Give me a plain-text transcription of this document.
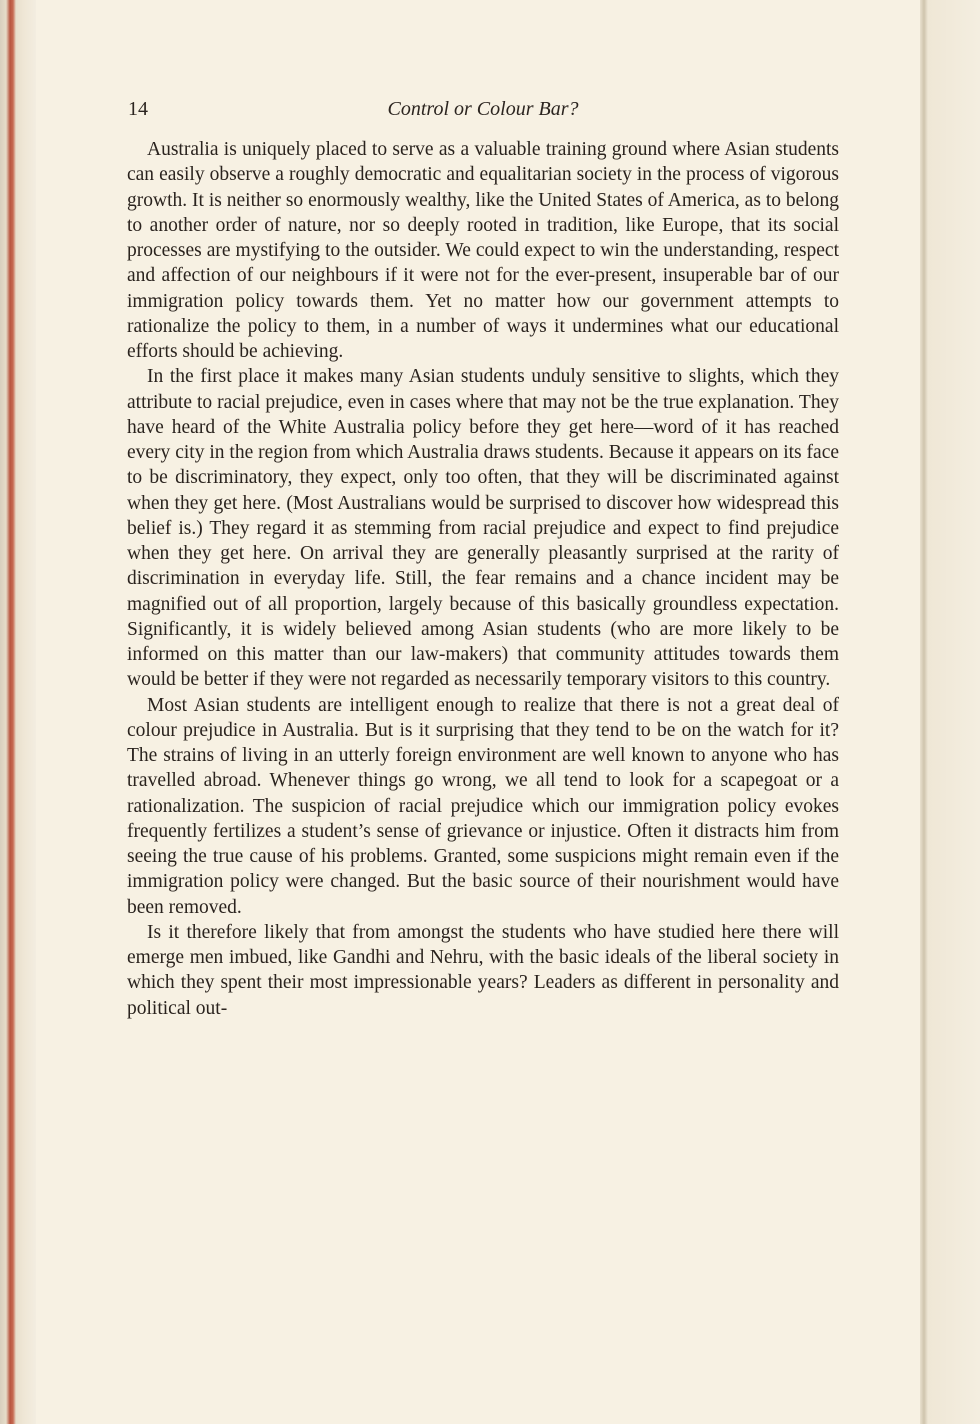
14	Control or Colour Bar?

Australia is uniquely placed to serve as a valuable training ground where Asian students can easily observe a roughly democratic and equalitarian society in the process of vigorous growth. It is neither so enormously wealthy, like the United States of America, as to belong to another order of nature, nor so deeply rooted in tradition, like Europe, that its social processes are mystifying to the outsider. We could expect to win the understanding, respect and affection of our neighbours if it were not for the ever-present, insuperable bar of our immigration policy towards them. Yet no matter how our government attempts to rationalize the policy to them, in a number of ways it undermines what our educational efforts should be achieving.

In the first place it makes many Asian students unduly sensitive to slights, which they attribute to racial prejudice, even in cases where that may not be the true explanation. They have heard of the White Australia policy before they get here—word of it has reached every city in the region from which Australia draws students. Because it appears on its face to be discriminatory, they expect, only too often, that they will be discriminated against when they get here. (Most Australians would be surprised to discover how widespread this belief is.) They regard it as stemming from racial prejudice and expect to find prejudice when they get here. On arrival they are generally pleasantly surprised at the rarity of discrimination in everyday life. Still, the fear remains and a chance incident may be magnified out of all proportion, largely because of this basically groundless expectation. Significantly, it is widely believed among Asian students (who are more likely to be informed on this matter than our law-makers) that community attitudes towards them would be better if they were not regarded as necessarily temporary visitors to this country.

Most Asian students are intelligent enough to realize that there is not a great deal of colour prejudice in Australia. But is it surprising that they tend to be on the watch for it? The strains of living in an utterly foreign environment are well known to anyone who has travelled abroad. Whenever things go wrong, we all tend to look for a scapegoat or a rationalization. The suspicion of racial prejudice which our immigration policy evokes frequently fertilizes a student’s sense of grievance or injustice. Often it distracts him from seeing the true cause of his problems. Granted, some suspicions might remain even if the immigration policy were changed. But the basic source of their nourishment would have been removed.

Is it therefore likely that from amongst the students who have studied here there will emerge men imbued, like Gandhi and Nehru, with the basic ideals of the liberal society in which they spent their most impressionable years? Leaders as different in personality and political out-
